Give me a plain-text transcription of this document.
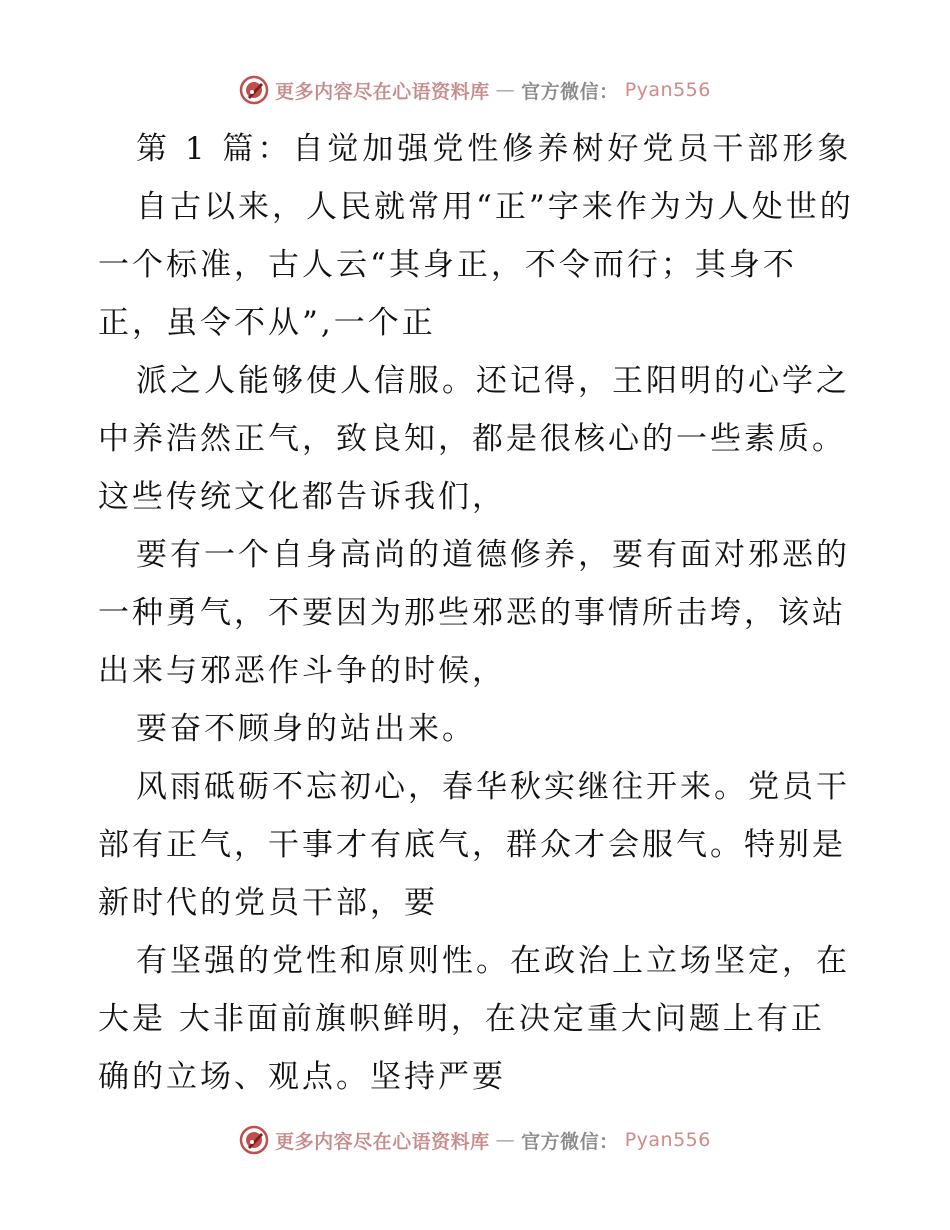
更多内容尽在心语资料库 — 官方微信： Pyan556

第 1 篇：自觉加强党性修养树好党员干部形象

自古以来，人民就常用“正”字来作为为人处世的一个标准，古人云“其身正，不令而行；其身不正，虽令不从”,一个正

派之人能够使人信服。还记得，王阳明的心学之中养浩然正气，致良知，都是很核心的一些素质。这些传统文化都告诉我们，

要有一个自身高尚的道德修养，要有面对邪恶的一种勇气，不要因为那些邪恶的事情所击垮，该站出来与邪恶作斗争的时候，

要奋不顾身的站出来。

风雨砥砺不忘初心，春华秋实继往开来。党员干部有正气，干事才有底气，群众才会服气。特别是新时代的党员干部，要

有坚强的党性和原则性。在政治上立场坚定，在大是 大非面前旗帜鲜明，在决定重大问题上有正确的立场、观点。坚持严要

更多内容尽在心语资料库 — 官方微信： Pyan556
